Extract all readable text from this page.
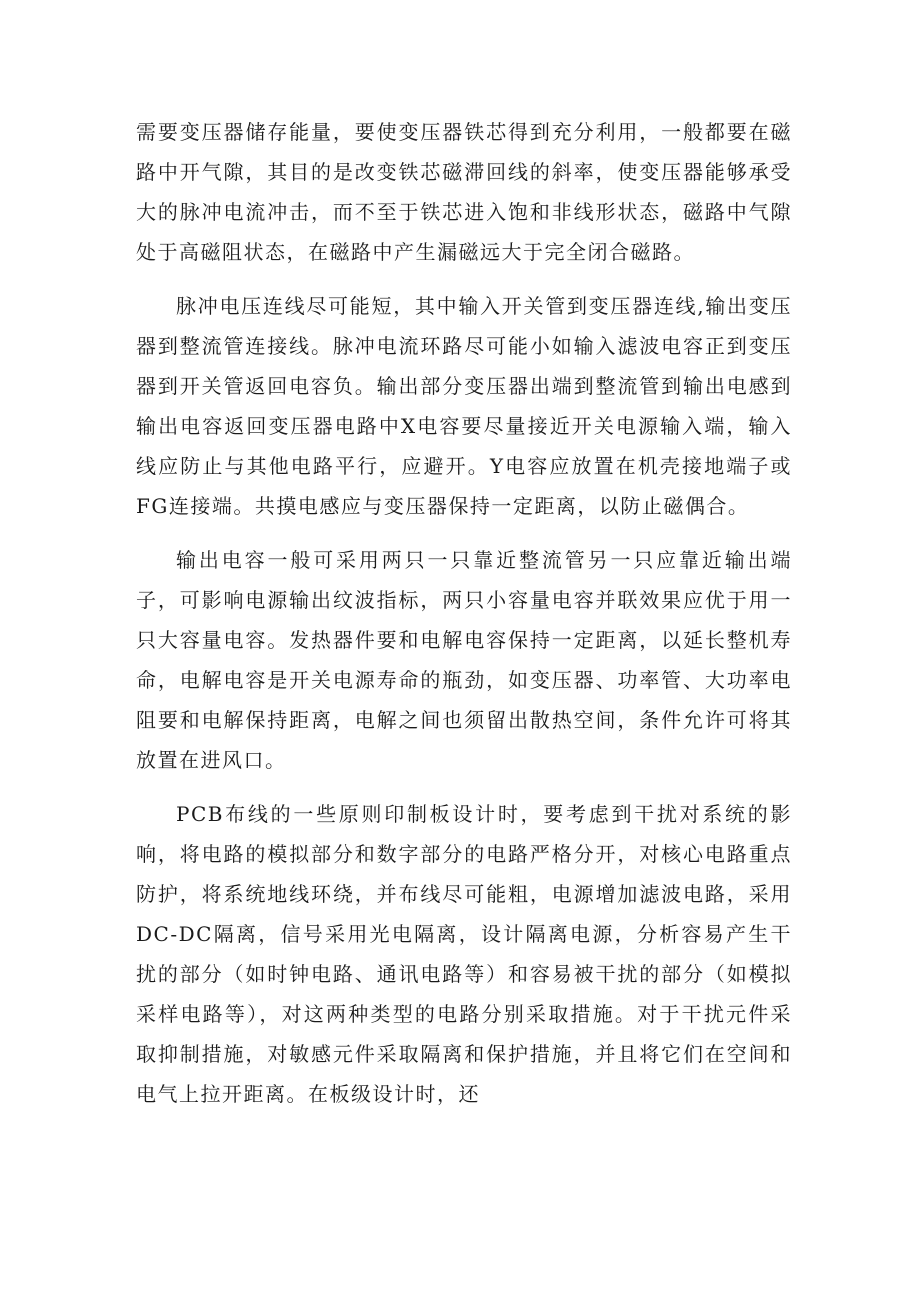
需要变压器储存能量，要使变压器铁芯得到充分利用，一般都要在磁路中开气隙，其目的是改变铁芯磁滞回线的斜率，使变压器能够承受大的脉冲电流冲击，而不至于铁芯进入饱和非线形状态，磁路中气隙处于高磁阻状态，在磁路中产生漏磁远大于完全闭合磁路。

脉冲电压连线尽可能短，其中输入开关管到变压器连线,输出变压器到整流管连接线。脉冲电流环路尽可能小如输入滤波电容正到变压器到开关管返回电容负。输出部分变压器出端到整流管到输出电感到输出电容返回变压器电路中X电容要尽量接近开关电源输入端，输入线应防止与其他电路平行，应避开。Y电容应放置在机壳接地端子或FG连接端。共摸电感应与变压器保持一定距离，以防止磁偶合。

输出电容一般可采用两只一只靠近整流管另一只应靠近输出端子，可影响电源输出纹波指标，两只小容量电容并联效果应优于用一只大容量电容。发热器件要和电解电容保持一定距离，以延长整机寿命，电解电容是开关电源寿命的瓶劲，如变压器、功率管、大功率电阻要和电解保持距离，电解之间也须留出散热空间，条件允许可将其放置在进风口。

PCB布线的一些原则印制板设计时，要考虑到干扰对系统的影响，将电路的模拟部分和数字部分的电路严格分开，对核心电路重点防护，将系统地线环绕，并布线尽可能粗，电源增加滤波电路，采用DC-DC隔离，信号采用光电隔离，设计隔离电源，分析容易产生干扰的部分（如时钟电路、通讯电路等）和容易被干扰的部分（如模拟采样电路等），对这两种类型的电路分别采取措施。对于干扰元件采取抑制措施，对敏感元件采取隔离和保护措施，并且将它们在空间和电气上拉开距离。在板级设计时，还
